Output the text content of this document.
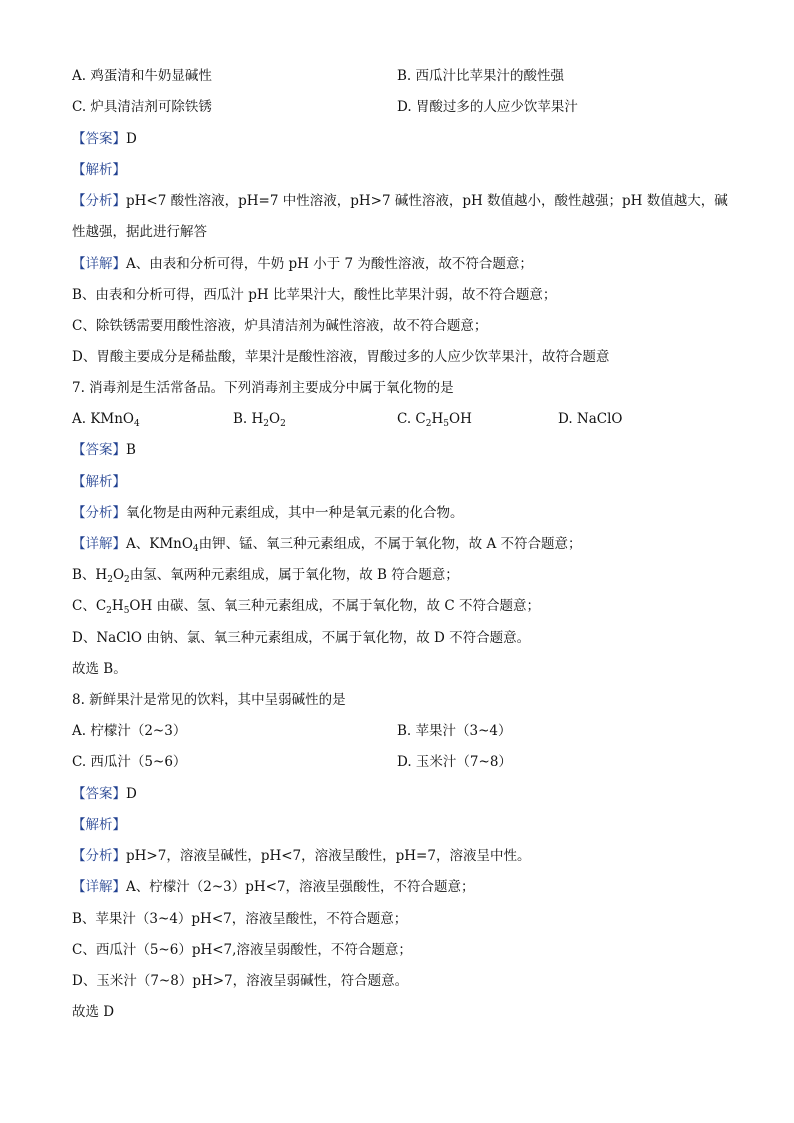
A. 鸡蛋清和牛奶显碱性	B. 西瓜汁比苹果汁的酸性强
C. 炉具清洁剂可除铁锈	D. 胃酸过多的人应少饮苹果汁
【答案】D
【解析】
【分析】pH<7 酸性溶液，pH=7 中性溶液，pH>7 碱性溶液，pH 数值越小，酸性越强；pH 数值越大，碱
性越强，据此进行解答
【详解】A、由表和分析可得，牛奶 pH 小于 7 为酸性溶液，故不符合题意；
B、由表和分析可得，西瓜汁 pH 比苹果汁大，酸性比苹果汁弱，故不符合题意；
C、除铁锈需要用酸性溶液，炉具清洁剂为碱性溶液，故不符合题意；
D、胃酸主要成分是稀盐酸，苹果汁是酸性溶液，胃酸过多的人应少饮苹果汁，故符合题意
7. 消毒剂是生活常备品。下列消毒剂主要成分中属于氧化物的是
A. KMnO$_4$	B. $H_2O_2$	C. $C_2H_5OH$	D. NaClO
【答案】B
【解析】
【分析】氧化物是由两种元素组成，其中一种是氧元素的化合物。
【详解】A、KMnO$_4$由钾、锰、氧三种元素组成，不属于氧化物，故 A 不符合题意；
B、$H_2O_2$由氢、氧两种元素组成，属于氧化物，故 B 符合题意；
C、$C_2H_5OH$ 由碳、氢、氧三种元素组成，不属于氧化物，故 C 不符合题意；
D、NaClO 由钠、氯、氧三种元素组成，不属于氧化物，故 D 不符合题意。
故选 B。
8. 新鲜果汁是常见的饮料，其中呈弱碱性的是
A. 柠檬汁（2~3）	B. 苹果汁（3~4）
C. 西瓜汁（5~6）	D. 玉米汁（7~8）
【答案】D
【解析】
【分析】pH>7，溶液呈碱性，pH<7，溶液呈酸性，pH=7，溶液呈中性。
【详解】A、柠檬汁（2~3）pH<7，溶液呈强酸性，不符合题意；
B、苹果汁（3~4）pH<7，溶液呈酸性，不符合题意；
C、西瓜汁（5~6）pH<7,溶液呈弱酸性，不符合题意；
D、玉米汁（7~8）pH>7，溶液呈弱碱性，符合题意。
故选 D
